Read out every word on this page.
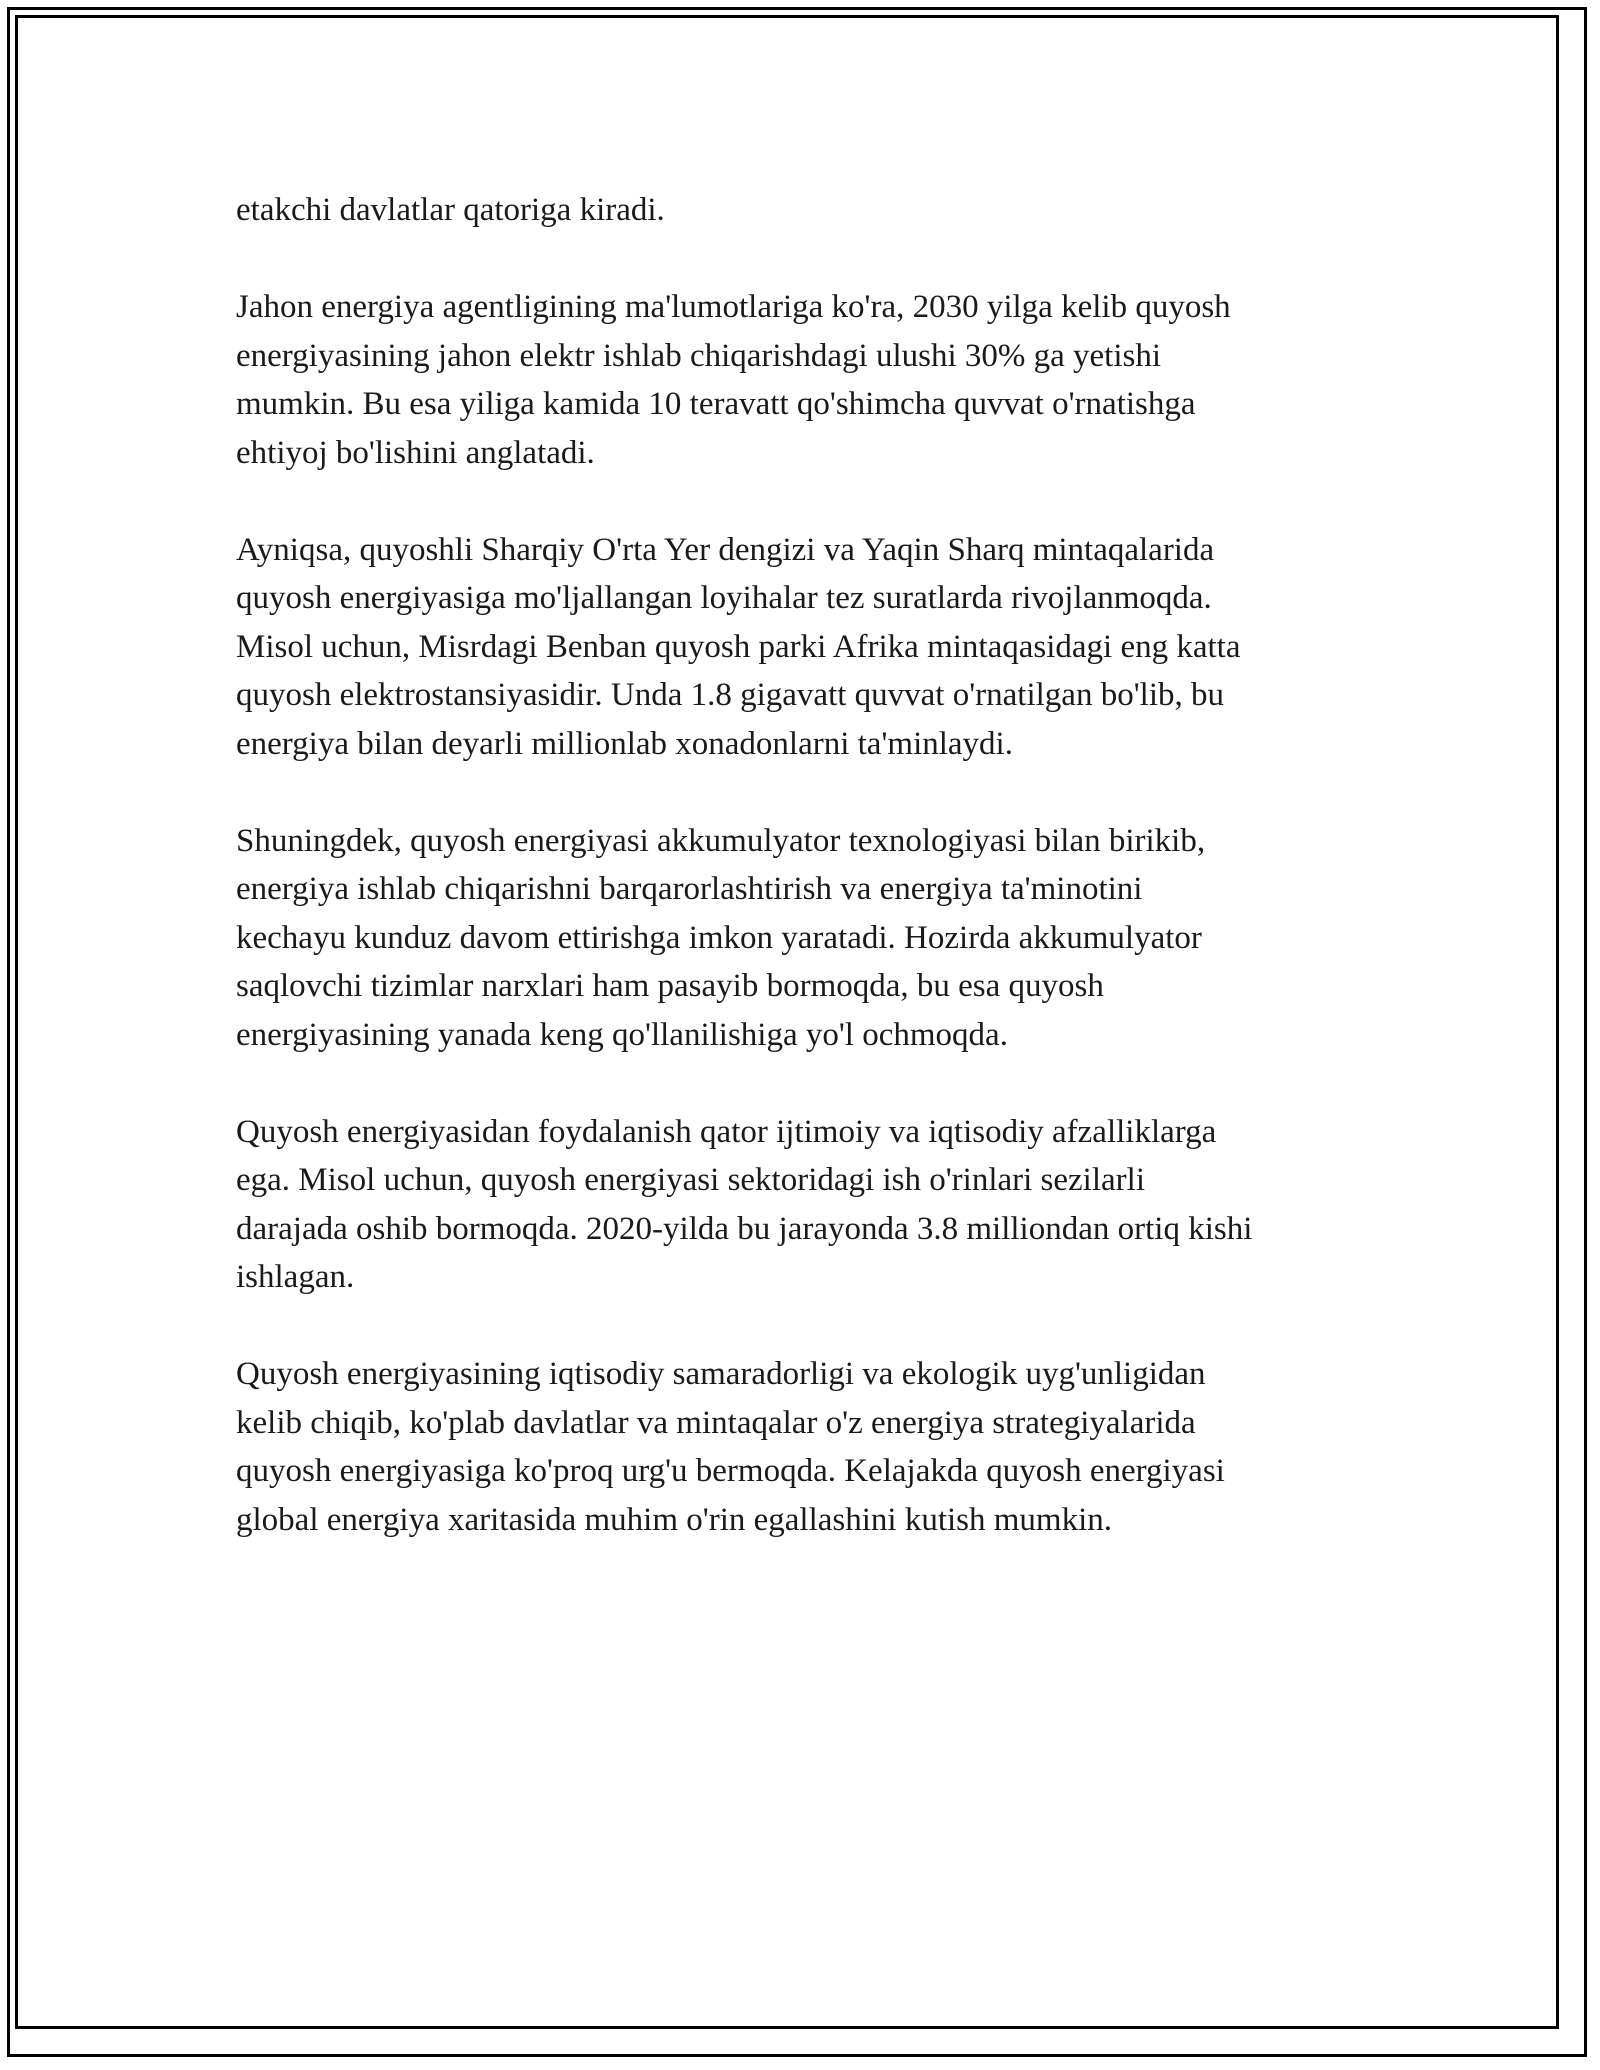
etakchi davlatlar qatoriga kiradi.

Jahon energiya agentligining ma'lumotlariga ko'ra, 2030 yilga kelib quyosh
energiyasining jahon elektr ishlab chiqarishdagi ulushi 30% ga yetishi
mumkin. Bu esa yiliga kamida 10 teravatt qo'shimcha quvvat o'rnatishga
ehtiyoj bo'lishini anglatadi.

Ayniqsa, quyoshli Sharqiy O'rta Yer dengizi va Yaqin Sharq mintaqalarida
quyosh energiyasiga mo'ljallangan loyihalar tez suratlarda rivojlanmoqda.
Misol uchun, Misrdagi Benban quyosh parki Afrika mintaqasidagi eng katta
quyosh elektrostansiyasidir. Unda 1.8 gigavatt quvvat o'rnatilgan bo'lib, bu
energiya bilan deyarli millionlab xonadonlarni ta'minlaydi.

Shuningdek, quyosh energiyasi akkumulyator texnologiyasi bilan birikib,
energiya ishlab chiqarishni barqarorlashtirish va energiya ta'minotini
kechayu kunduz davom ettirishga imkon yaratadi. Hozirda akkumulyator
saqlovchi tizimlar narxlari ham pasayib bormoqda, bu esa quyosh
energiyasining yanada keng qo'llanilishiga yo'l ochmoqda.

Quyosh energiyasidan foydalanish qator ijtimoiy va iqtisodiy afzalliklarga
ega. Misol uchun, quyosh energiyasi sektoridagi ish o'rinlari sezilarli
darajada oshib bormoqda. 2020-yilda bu jarayonda 3.8 milliondan ortiq kishi
ishlagan.

Quyosh energiyasining iqtisodiy samaradorligi va ekologik uyg'unligidan
kelib chiqib, ko'plab davlatlar va mintaqalar o'z energiya strategiyalarida
quyosh energiyasiga ko'proq urg'u bermoqda. Kelajakda quyosh energiyasi
global energiya xaritasida muhim o'rin egallashini kutish mumkin.
